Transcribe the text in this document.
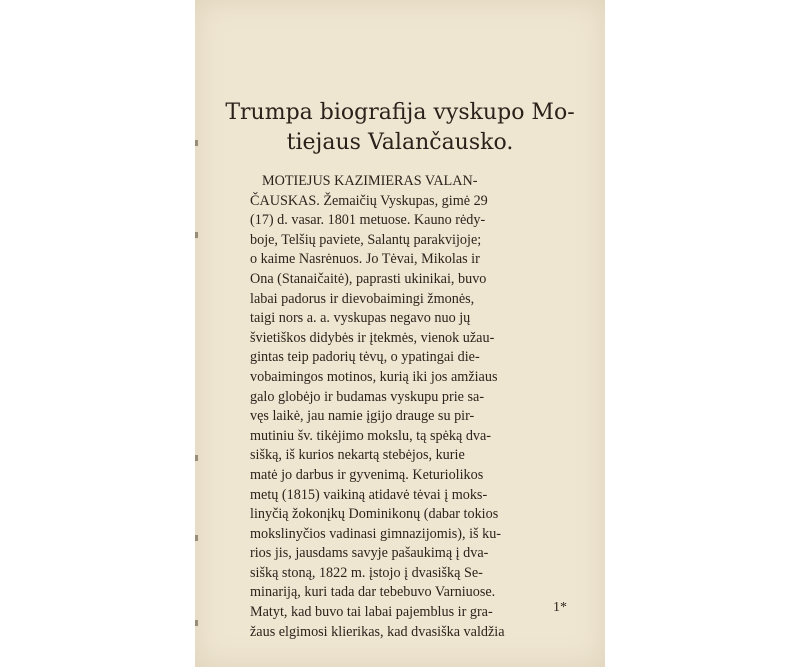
Trumpa biografija vyskupo Mo-
tiejaus Valančausko.
MOTIEJUS KAZIMIERAS VALAN-
ČAUSKAS. Žemaičių Vyskupas, gimė 29
(17) d. vasar. 1801 metuose. Kauno rėdy-
boje, Telšių paviete, Salantų parakvijoje;
o kaime Nasrėnuos. Jo Tėvai, Mikolas ir
Ona (Stanaičaitė), paprasti ukinikai, buvo
labai padorus ir dievobaimingi žmonės,
taigi nors a. a. vyskupas negavo nuo jų
švietiškos didybės ir įtekmės, vienok užau-
gintas teip padorių tėvų, o ypatingai die-
vobaimingos motinos, kurią iki jos amžiaus
galo globėjo ir budamas vyskupu prie sa-
vęs laikė, jau namie įgijo drauge su pir-
mutiniu šv. tikėjimo mokslu, tą spėką dva-
sišką, iš kurios nekartą stebėjos, kurie
matė jo darbus ir gyvenimą. Keturiolikos
metų (1815) vaikiną atidavė tėvai į moks-
linyčią žokonįkų Dominikonų (dabar tokios
mokslinyčios vadinasi gimnazijomis), iš ku-
rios jis, jausdams savyje pašaukimą į dva-
sišką stoną, 1822 m. įstojo į dvasišką Se-
minariją, kuri tada dar tebebuvo Varniuose.
Matyt, kad buvo tai labai pajemblus ir gra-
žaus elgimosi klierikas, kad dvasiška valdžia
1*
